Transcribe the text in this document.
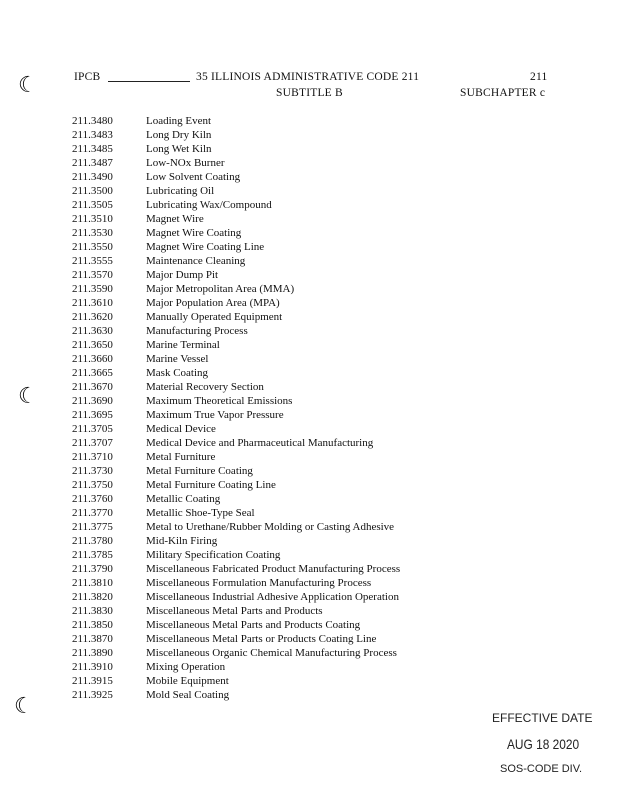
☾
☾
☾
IPCB	35 ILLINOIS ADMINISTRATIVE CODE 211	211
SUBTITLE B	SUBCHAPTER c
211.3480	Loading Event
211.3483	Long Dry Kiln
211.3485	Long Wet Kiln
211.3487	Low-NOx Burner
211.3490	Low Solvent Coating
211.3500	Lubricating Oil
211.3505	Lubricating Wax/Compound
211.3510	Magnet Wire
211.3530	Magnet Wire Coating
211.3550	Magnet Wire Coating Line
211.3555	Maintenance Cleaning
211.3570	Major Dump Pit
211.3590	Major Metropolitan Area (MMA)
211.3610	Major Population Area (MPA)
211.3620	Manually Operated Equipment
211.3630	Manufacturing Process
211.3650	Marine Terminal
211.3660	Marine Vessel
211.3665	Mask Coating
211.3670	Material Recovery Section
211.3690	Maximum Theoretical Emissions
211.3695	Maximum True Vapor Pressure
211.3705	Medical Device
211.3707	Medical Device and Pharmaceutical Manufacturing
211.3710	Metal Furniture
211.3730	Metal Furniture Coating
211.3750	Metal Furniture Coating Line
211.3760	Metallic Coating
211.3770	Metallic Shoe-Type Seal
211.3775	Metal to Urethane/Rubber Molding or Casting Adhesive
211.3780	Mid-Kiln Firing
211.3785	Military Specification Coating
211.3790	Miscellaneous Fabricated Product Manufacturing Process
211.3810	Miscellaneous Formulation Manufacturing Process
211.3820	Miscellaneous Industrial Adhesive Application Operation
211.3830	Miscellaneous Metal Parts and Products
211.3850	Miscellaneous Metal Parts and Products Coating
211.3870	Miscellaneous Metal Parts or Products Coating Line
211.3890	Miscellaneous Organic Chemical Manufacturing Process
211.3910	Mixing Operation
211.3915	Mobile Equipment
211.3925	Mold Seal Coating
EFFECTIVE DATE
AUG 18 2020
SOS-CODE DIV.
